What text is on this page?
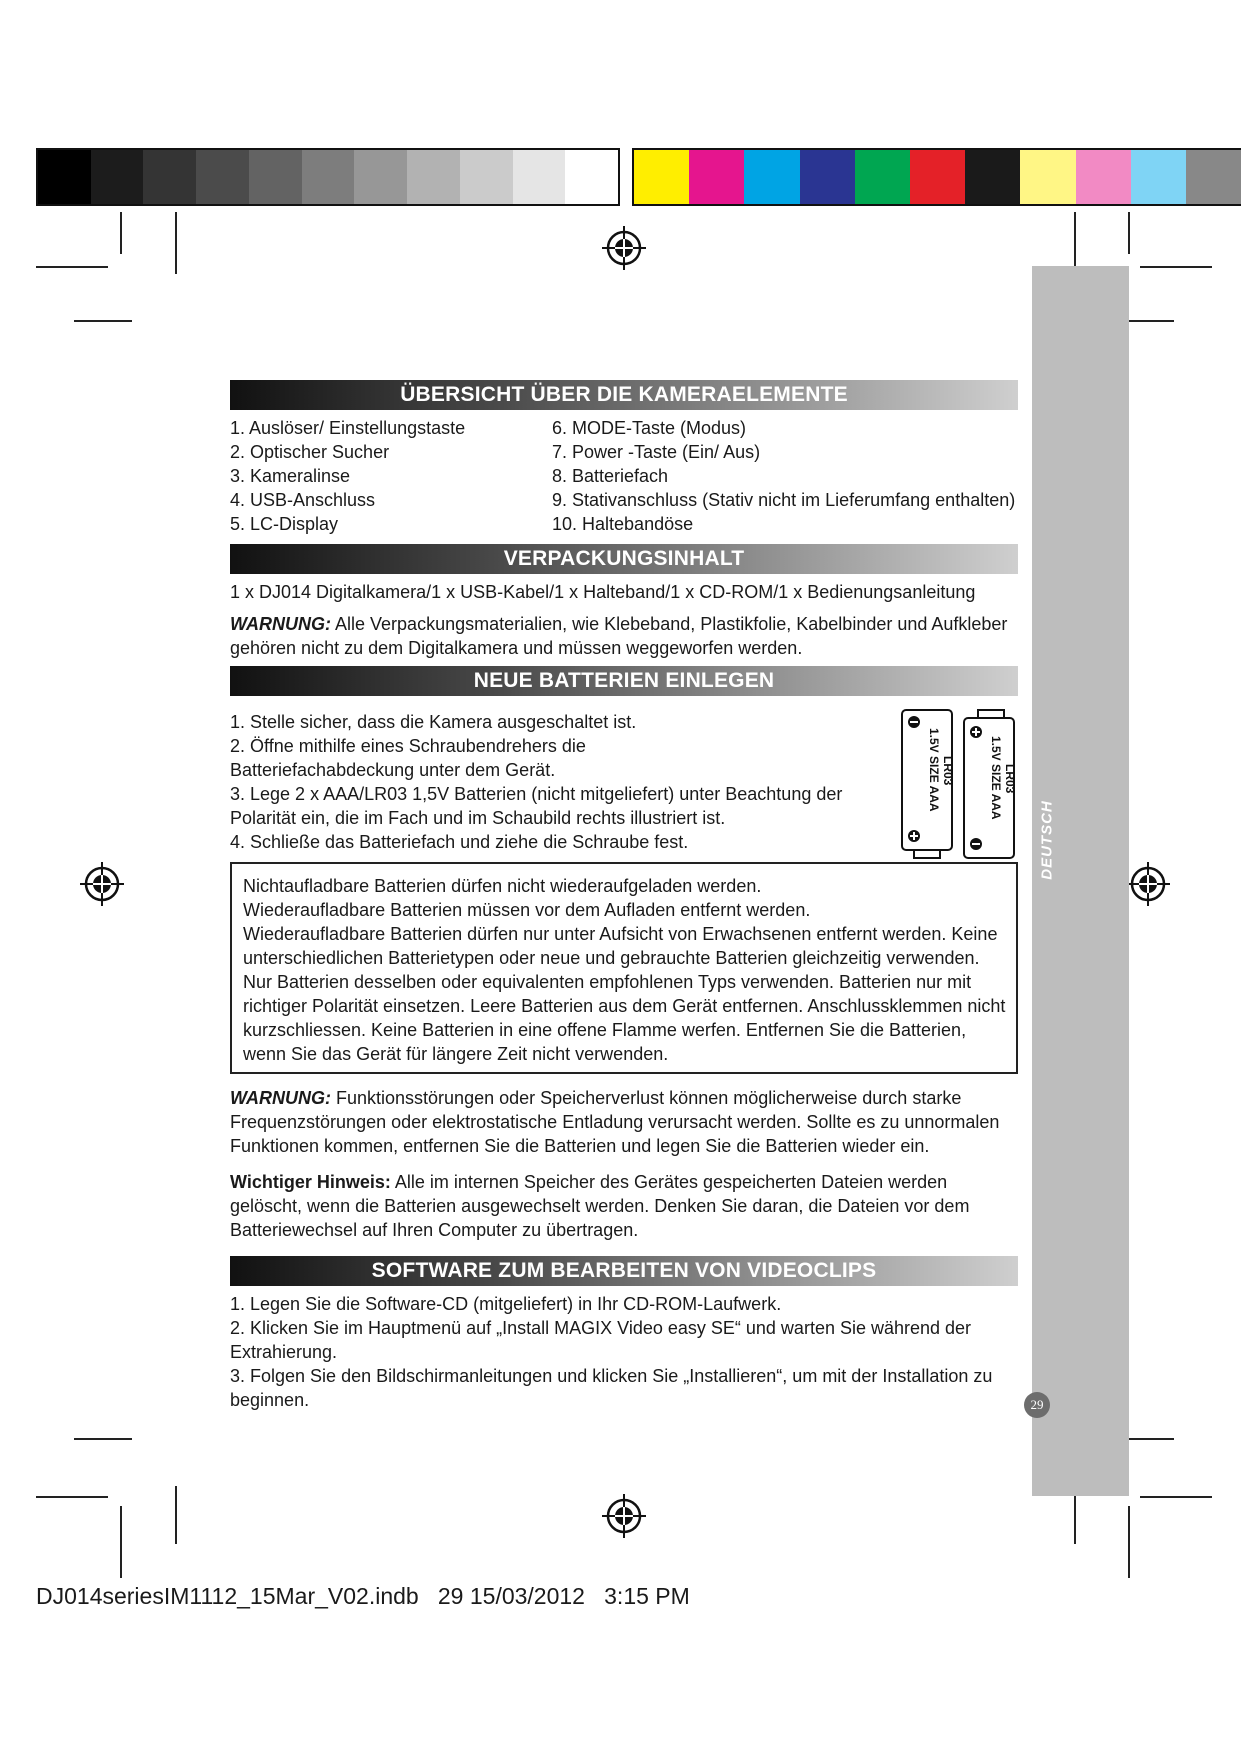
DEUTSCH
29
ÜBERSICHT ÜBER DIE KAMERAELEMENTE
1. Auslöser/ Einstellungstaste
2. Optischer Sucher
3. Kameralinse
4. USB-Anschluss
5. LC-Display
6. MODE-Taste (Modus)
7. Power -Taste (Ein/ Aus)
8. Batteriefach
9. Stativanschluss (Stativ nicht im Lieferumfang enthalten)
10. Haltebandöse
VERPACKUNGSINHALT

1 x DJ014 Digitalkamera/1 x USB-Kabel/1 x Halteband/1 x CD-ROM/1 x Bedienungsanleitung

WARNUNG: Alle Verpackungsmaterialien, wie Klebeband, Plastikfolie, Kabelbinder und Aufkleber gehören nicht zu dem Digitalkamera und müssen weggeworfen werden.

NEUE BATTERIEN EINLEGEN
1. Stelle sicher, dass die Kamera ausgeschaltet ist.
2. Öffne mithilfe eines Schraubendrehers die
Batteriefachabdeckung unter dem Gerät.
3. Lege 2 x AAA/LR03 1,5V Batterien (nicht mitgeliefert) unter Beachtung der
Polarität ein, die im Fach und im Schaubild rechts illustriert ist.
4. Schließe das Batteriefach und ziehe die Schraube fest.
1.5V SIZE AAA LR03	1.5V SIZE AAA LR03
Nichtaufladbare Batterien dürfen nicht wiederaufgeladen werden.
Wiederaufladbare Batterien müssen vor dem Aufladen entfernt werden.
Wiederaufladbare Batterien dürfen nur unter Aufsicht von Erwachsenen entfernt werden. Keine unterschiedlichen Batterietypen oder neue und gebrauchte Batterien gleichzeitig verwenden. Nur Batterien desselben oder equivalenten empfohlenen Typs verwenden. Batterien nur mit richtiger Polarität einsetzen. Leere Batterien aus dem Gerät entfernen. Anschlussklemmen nicht kurzschliessen. Keine Batterien in eine offene Flamme werfen. Entfernen Sie die Batterien, wenn Sie das Gerät für längere Zeit nicht verwenden.

WARNUNG: Funktionsstörungen oder Speicherverlust können möglicherweise durch starke Frequenzstörungen oder elektrostatische Entladung verursacht werden. Sollte es zu unnormalen Funktionen kommen, entfernen Sie die Batterien und legen Sie die Batterien wieder ein.

Wichtiger Hinweis: Alle im internen Speicher des Gerätes gespeicherten Dateien werden gelöscht, wenn die Batterien ausgewechselt werden. Denken Sie daran, die Dateien vor dem Batteriewechsel auf Ihren Computer zu übertragen.

SOFTWARE ZUM BEARBEITEN VON VIDEOCLIPS

1. Legen Sie die Software-CD (mitgeliefert) in Ihr CD-ROM-Laufwerk.

2. Klicken Sie im Hauptmenü auf „Install MAGIX Video easy SE“ und warten Sie während der Extrahierung.

3. Folgen Sie den Bildschirmanleitungen und klicken Sie „Installieren“, um mit der Installation zu beginnen.

DJ014seriesIM1112_15Mar_V02.indb   29 15/03/2012   3:15 PM
